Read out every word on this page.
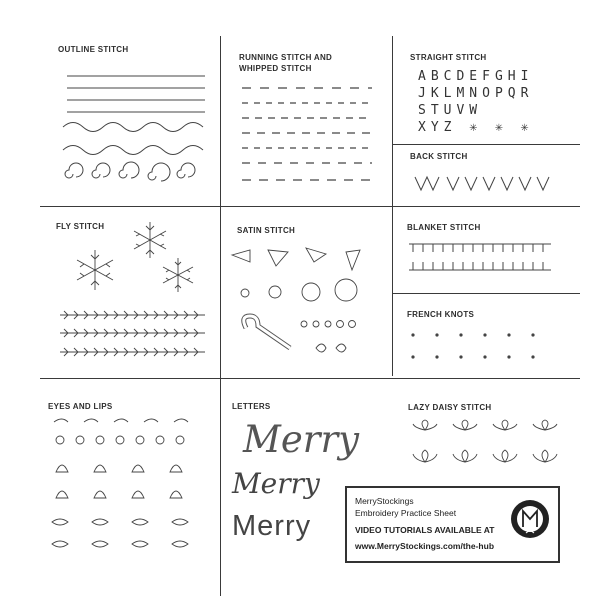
OUTLINE STITCH
RUNNING STITCH AND
WHIPPED STITCH
STRAIGHT STITCH
BACK STITCH
FLY STITCH	SATIN STITCH	BLANKET STITCH
FRENCH KNOTS
EYES AND LIPS	LETTERS	LAZY DAISY STITCH
ABCDEFGHI
JKLMNOPQR
STUVW
XYZ ✳ ✳ ✳
Merry
Merry
Merry
MerryStockings
Embroidery Practice Sheet
VIDEO TUTORIALS AVAILABLE AT
www.MerryStockings.com/the-hub
